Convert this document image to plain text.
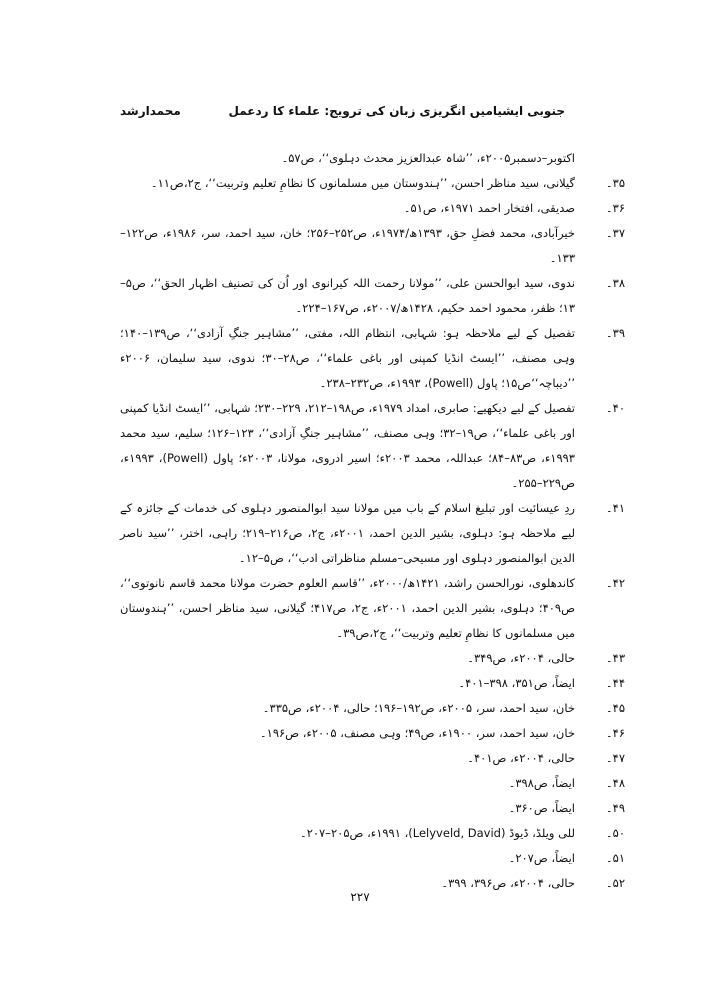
محمدارشد	جنوبی ایشیامیں انگریزی زبان کی ترویج: علماء کا ردعمل
اکتوبر–دسمبر۲۰۰۵ء، ’’شاہ عبدالعزیز محدث دہلوی‘‘، ص۵۷۔
۳۵۔
گیلانی، سید مناظر احسن، ’’ہندوستان میں مسلمانوں کا نظامِ تعلیم وتربیت‘‘، ج۲،ص۱۱۔
۳۶۔
صدیقی، افتخار احمد ۱۹۷۱ء، ص۵۱۔
۳۷۔
خیرآبادی، محمد فضلِ حق، ۱۳۹۳ھ/۱۹۷۴ء، ص۲۵۲–۲۵۶؛ خان، سید احمد، سر، ۱۹۸۶ء، ص۱۲۲–۱۳۳۔
۳۸۔
ندوی، سید ابوالحسن علی، ’’مولانا رحمت اللہ کیرانوی اور اُن کی تصنیف اظہار الحق‘‘، ص۵–۱۳؛ ظفر، محمود احمد حکیم، ۱۴۲۸ھ/۲۰۰۷ء، ص۱۶۷–۲۲۴۔
۳۹۔
تفصیل کے لیے ملاحظہ ہو: شہابی، انتظام اللہ، مفتی، ’’مشاہیر جنگِ آزادی‘‘، ص۱۳۹–۱۴۰؛ وہی مصنف، ’’ایسٹ انڈیا کمپنی اور باغی علماء‘‘، ص۲۸–۳۰؛ ندوی، سید سلیمان، ۲۰۰۶ء ’’دیباچہ‘‘ص۱۵؛ پاول (Powell)، ۱۹۹۳ء، ص۲۳۲–۲۳۸۔
۴۰۔
تفصیل کے لیے دیکھیے: صابری، امداد ۱۹۷۹ء، ص۱۹۸–۲۱۲، ۲۲۹–۲۳۰؛ شہابی، ’’ایسٹ انڈیا کمپنی اور باغی علماء‘‘، ص۱۹–۳۲؛ وہی مصنف، ’’مشاہیر جنگِ آزادی‘‘، ۱۲۳–۱۲۶؛ سلیم، سید محمد ۱۹۹۳ء، ص۸۳–۸۴؛ عبداللہ، محمد ۲۰۰۳ء؛ اسیر ادروی، مولانا، ۲۰۰۳ء؛ پاول (Powell)، ۱۹۹۳ء، ص۲۲۹–۲۵۵۔
۴۱۔
ردِ عیسائیت اور تبلیغ اسلام کے باب میں مولانا سید ابوالمنصور دہلوی کی خدمات کے جائزہ کے لیے ملاحظہ ہو: دہلوی، بشیر الدین احمد، ۲۰۰۱ء، ج۲، ص۲۱۶–۲۱۹؛ راہی، اختر، ’’سید ناصر الدین ابوالمنصور دہلوی اور مسیحی–مسلم مناظراتی ادب‘‘، ص۵–۱۲۔
۴۲۔
کاندھلوی، نورالحسن راشد، ۱۴۲۱ھ/۲۰۰۰ء، ’’قاسم العلوم حضرت مولانا محمد قاسم نانوتوی‘‘، ص۴۰۹؛ دہلوی، بشیر الدین احمد، ۲۰۰۱ء، ج۲، ص۴۱۷؛ گیلانی، سید مناظر احسن، ’’ہندوستان میں مسلمانوں کا نظامِ تعلیم وتربیت‘‘، ج۲،ص۳۹۔
۴۳۔
حالی، ۲۰۰۴ء، ص۳۴۹۔
۴۴۔
ایضاً، ص۳۵۱، ۳۹۸–۴۰۱۔
۴۵۔
خان، سید احمد، سر، ۲۰۰۵ء، ص۱۹۲–۱۹۶؛ حالی، ۲۰۰۴ء، ص۳۳۵۔
۴۶۔
خان، سید احمد، سر، ۱۹۰۰ء، ص۴۹؛ وہی مصنف، ۲۰۰۵ء، ص۱۹۶۔
۴۷۔
حالی، ۲۰۰۴ء، ص۴۰۱۔
۴۸۔
ایضاً، ص۳۹۸۔
۴۹۔
ایضاً، ص۳۶۰۔
۵۰۔
للی ویلڈ، ڈیوڈ (Lelyveld, David)، ۱۹۹۱ء، ص۲۰۵–۲۰۷۔
۵۱۔
ایضاً، ص۲۰۷۔
۵۲۔
حالی، ۲۰۰۴ء، ص۳۹۶، ۳۹۹۔
۲۲۷
